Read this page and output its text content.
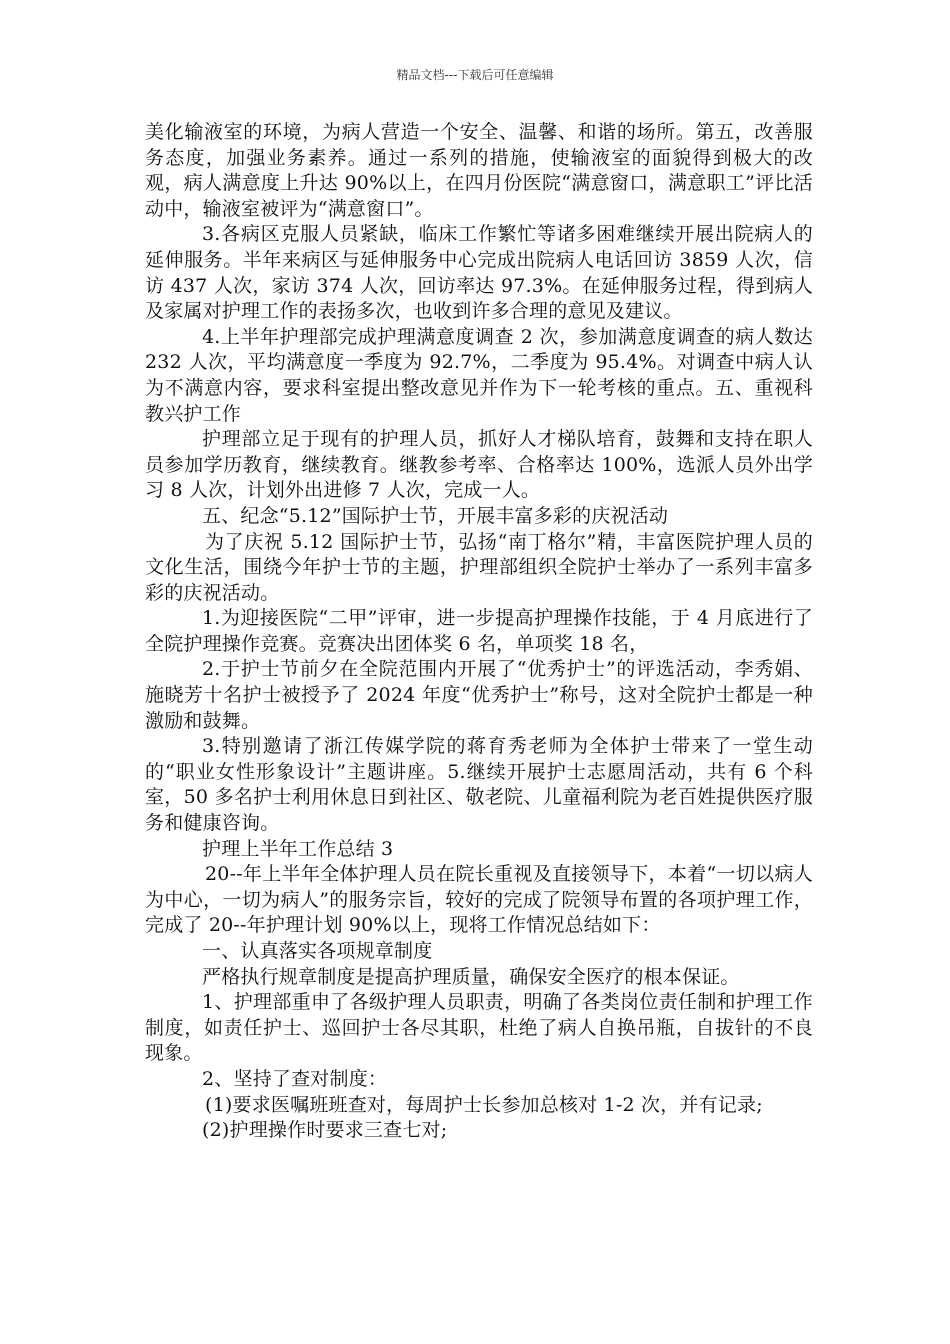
精品文档---下载后可任意编辑

美化输液室的环境，为病人营造一个安全、温馨、和谐的场所。第五，改善服务态度，加强业务素养。通过一系列的措施，使输液室的面貌得到极大的改观，病人满意度上升达 90%以上，在四月份医院“满意窗口，满意职工”评比活动中，输液室被评为“满意窗口”。

3.各病区克服人员紧缺，临床工作繁忙等诸多困难继续开展出院病人的延伸服务。半年来病区与延伸服务中心完成出院病人电话回访 3859 人次，信访 437 人次，家访 374 人次，回访率达 97.3%。在延伸服务过程，得到病人及家属对护理工作的表扬多次，也收到许多合理的意见及建议。

4.上半年护理部完成护理满意度调查 2 次，参加满意度调查的病人数达 232 人次，平均满意度一季度为 92.7%，二季度为 95.4%。对调查中病人认为不满意内容，要求科室提出整改意见并作为下一轮考核的重点。五、重视科教兴护工作

护理部立足于现有的护理人员，抓好人才梯队培育，鼓舞和支持在职人员参加学历教育，继续教育。继教参考率、合格率达 100%，选派人员外出学习 8 人次，计划外出进修 7 人次，完成一人。

五、纪念“5.12”国际护士节，开展丰富多彩的庆祝活动

为了庆祝 5.12 国际护士节，弘扬“南丁格尔”精，丰富医院护理人员的文化生活，围绕今年护士节的主题，护理部组织全院护士举办了一系列丰富多彩的庆祝活动。

1.为迎接医院“二甲”评审，进一步提高护理操作技能，于 4 月底进行了全院护理操作竞赛。竞赛决出团体奖 6 名，单项奖 18 名，

2.于护士节前夕在全院范围内开展了“优秀护士”的评选活动，李秀娟、施晓芳十名护士被授予了 2024 年度“优秀护士”称号，这对全院护士都是一种激励和鼓舞。

3.特别邀请了浙江传媒学院的蒋育秀老师为全体护士带来了一堂生动的“职业女性形象设计”主题讲座。5.继续开展护士志愿周活动，共有 6 个科室，50 多名护士利用休息日到社区、敬老院、儿童福利院为老百姓提供医疗服务和健康咨询。

护理上半年工作总结 3

20--年上半年全体护理人员在院长重视及直接领导下，本着“一切以病人为中心，一切为病人”的服务宗旨，较好的完成了院领导布置的各项护理工作，完成了 20--年护理计划 90%以上，现将工作情况总结如下：

一、认真落实各项规章制度

严格执行规章制度是提高护理质量，确保安全医疗的根本保证。

1、护理部重申了各级护理人员职责，明确了各类岗位责任制和护理工作制度，如责任护士、巡回护士各尽其职，杜绝了病人自换吊瓶，自拔针的不良现象。

2、坚持了查对制度：

(1)要求医嘱班班查对，每周护士长参加总核对 1-2 次，并有记录;

(2)护理操作时要求三查七对;
